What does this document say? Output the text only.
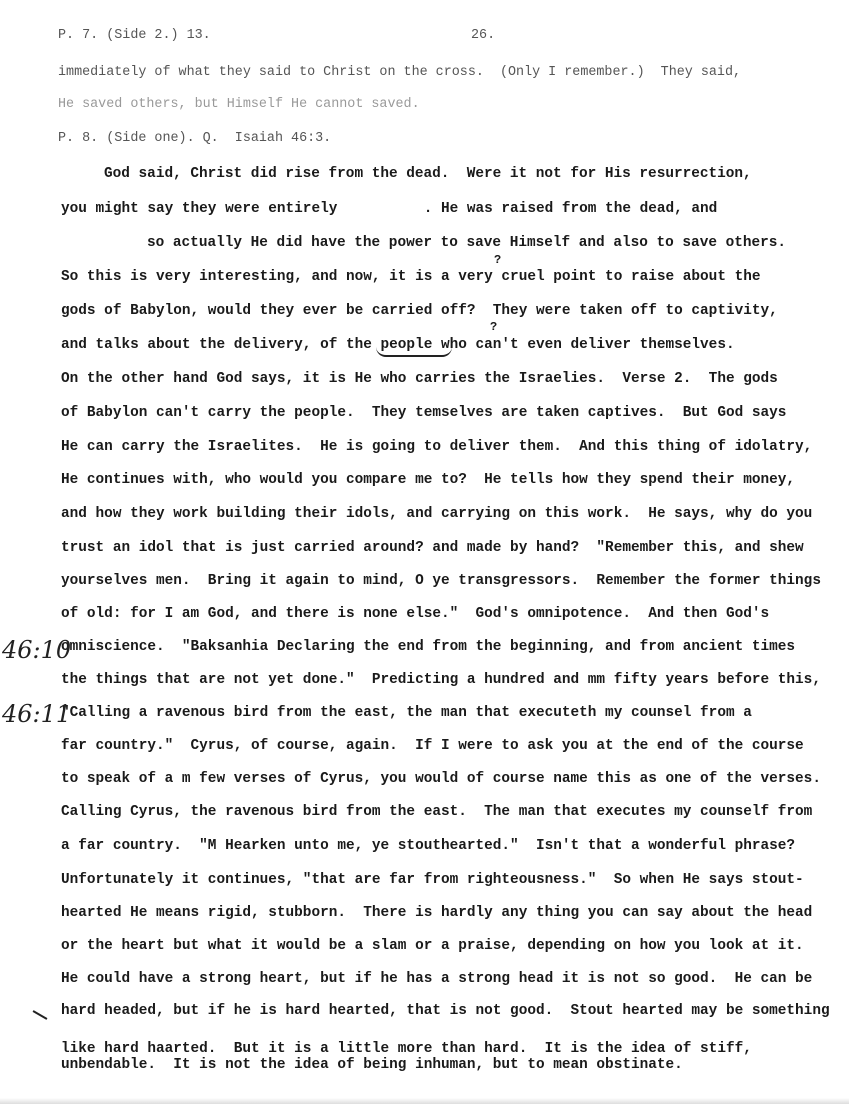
P. 7. (Side 2.) 13.	26.
immediately of what they said to Christ on the cross.  (Only I remember.)  They said,
He saved others, but Himself He cannot saved.
P. 8. (Side one). Q.  Isaiah 46:3.
God said, Christ did rise from the dead.  Were it not for His resurrection,
you might say they were entirely          . He was raised from the dead, and
so actually He did have the power to save Himself and also to save others.
?
So this is very interesting, and now, it is a very cruel point to raise about the
gods of Babylon, would they ever be carried off?  They were taken off to captivity,
?
and talks about the delivery, of the people who can't even deliver themselves.
On the other hand God says, it is He who carries the Israelies.  Verse 2.  The gods
of Babylon can't carry the people.  They temselves are taken captives.  But God says
He can carry the Israelites.  He is going to deliver them.  And this thing of idolatry,
He continues with, who would you compare me to?  He tells how they spend their money,
and how they work building their idols, and carrying on this work.  He says, why do you
trust an idol that is just carried around? and made by hand?  "Remember this, and shew
yourselves men.  Bring it again to mind, O ye transgressors.  Remember the former things
of old: for I am God, and there is none else."  God's omnipotence.  And then God's
omniscience.  "Baksanhia Declaring the end from the beginning, and from ancient times
the things that are not yet done."  Predicting a hundred and mm fifty years before this,
"Calling a ravenous bird from the east, the man that executeth my counsel from a
far country."  Cyrus, of course, again.  If I were to ask you at the end of the course
to speak of a m few verses of Cyrus, you would of course name this as one of the verses.
Calling Cyrus, the ravenous bird from the east.  The man that executes my counself from
a far country.  "M Hearken unto me, ye stouthearted."  Isn't that a wonderful phrase?
Unfortunately it continues, "that are far from righteousness."  So when He says stout-
hearted He means rigid, stubborn.  There is hardly any thing you can say about the head
or the heart but what it would be a slam or a praise, depending on how you look at it.
He could have a strong heart, but if he has a strong head it is not so good.  He can be
hard headed, but if he is hard hearted, that is not good.  Stout hearted may be something
like hard haarted.  But it is a little more than hard.  It is the idea of stiff,
unbendable.  It is not the idea of being inhuman, but to mean obstinate.
46:10
46:11
